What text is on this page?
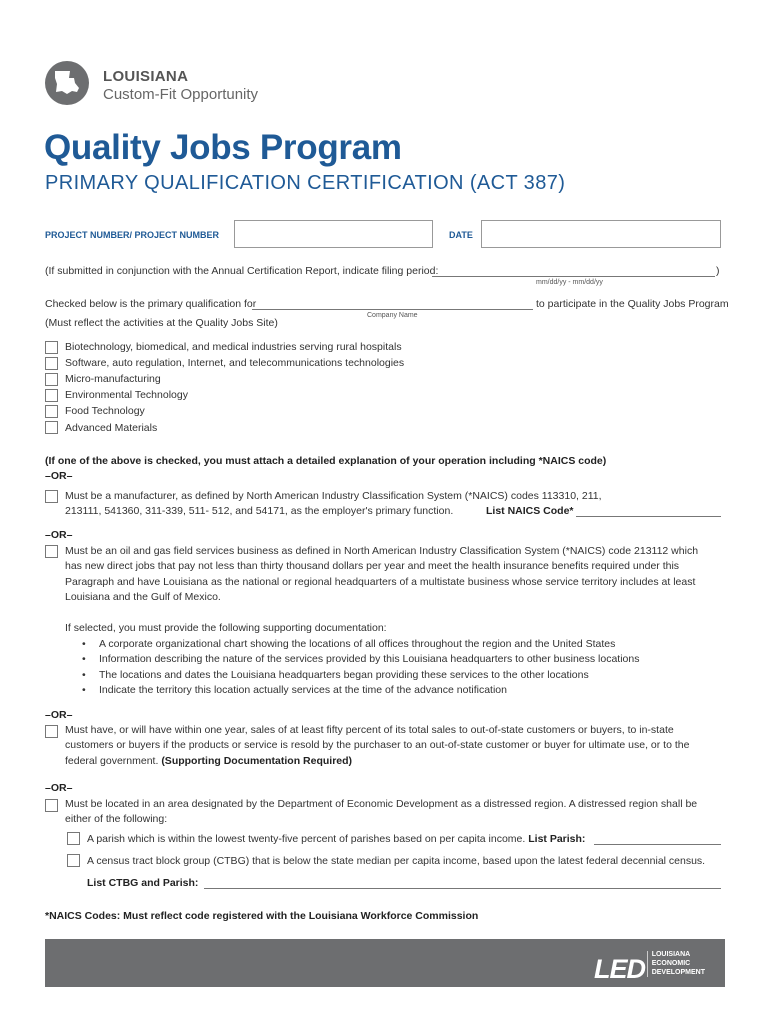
LOUISIANA
Custom-Fit Opportunity
Quality Jobs Program
PRIMARY QUALIFICATION CERTIFICATION (ACT 387)
PROJECT NUMBER/ PROJECT NUMBER	DATE
(If submitted in conjunction with the Annual Certification Report, indicate filing period:	)
mm/dd/yy - mm/dd/yy
Checked below is the primary qualification for	to participate in the Quality Jobs Program
Company Name
(Must reflect the activities at the Quality Jobs Site)
Biotechnology, biomedical, and medical industries serving rural hospitals
Software, auto regulation, Internet, and telecommunications technologies
Micro-manufacturing
Environmental Technology
Food Technology
Advanced Materials
(If one of the above is checked, you must attach a detailed explanation of your operation including *NAICS code)
–OR–
Must be a manufacturer, as defined by North American Industry Classification System (*NAICS) codes 113310, 211,
213111, 541360, 311-339, 511- 512, and 54171, as the employer's primary function.	List NAICS Code*
–OR–
Must be an oil and gas field services business as defined in North American Industry Classification System (*NAICS) code 213112 which
has new direct jobs that pay not less than thirty thousand dollars per year and meet the health insurance benefits required under this
Paragraph and have Louisiana as the national or regional headquarters of a multistate business whose service territory includes at least
Louisiana and the Gulf of Mexico.
If selected, you must provide the following supporting documentation:
• A corporate organizational chart showing the locations of all offices throughout the region and the United States
• Information describing the nature of the services provided by this Louisiana headquarters to other business locations
• The locations and dates the Louisiana headquarters began providing these services to the other locations
• Indicate the territory this location actually services at the time of the advance notification
–OR–
Must have, or will have within one year, sales of at least fifty percent of its total sales to out-of-state customers or buyers, to in-state
customers or buyers if the products or service is resold by the purchaser to an out-of-state customer or buyer for ultimate use, or to the
federal government. (Supporting Documentation Required)
–OR–
Must be located in an area designated by the Department of Economic Development as a distressed region. A distressed region shall be
either of the following:
A parish which is within the lowest twenty-five percent of parishes based on per capita income. List Parish:
A census tract block group (CTBG) that is below the state median per capita income, based upon the latest federal decennial census.
List CTBG and Parish:
*NAICS Codes: Must reflect code registered with the Louisiana Workforce Commission
LED LOUISIANA
ECONOMIC
DEVELOPMENT
